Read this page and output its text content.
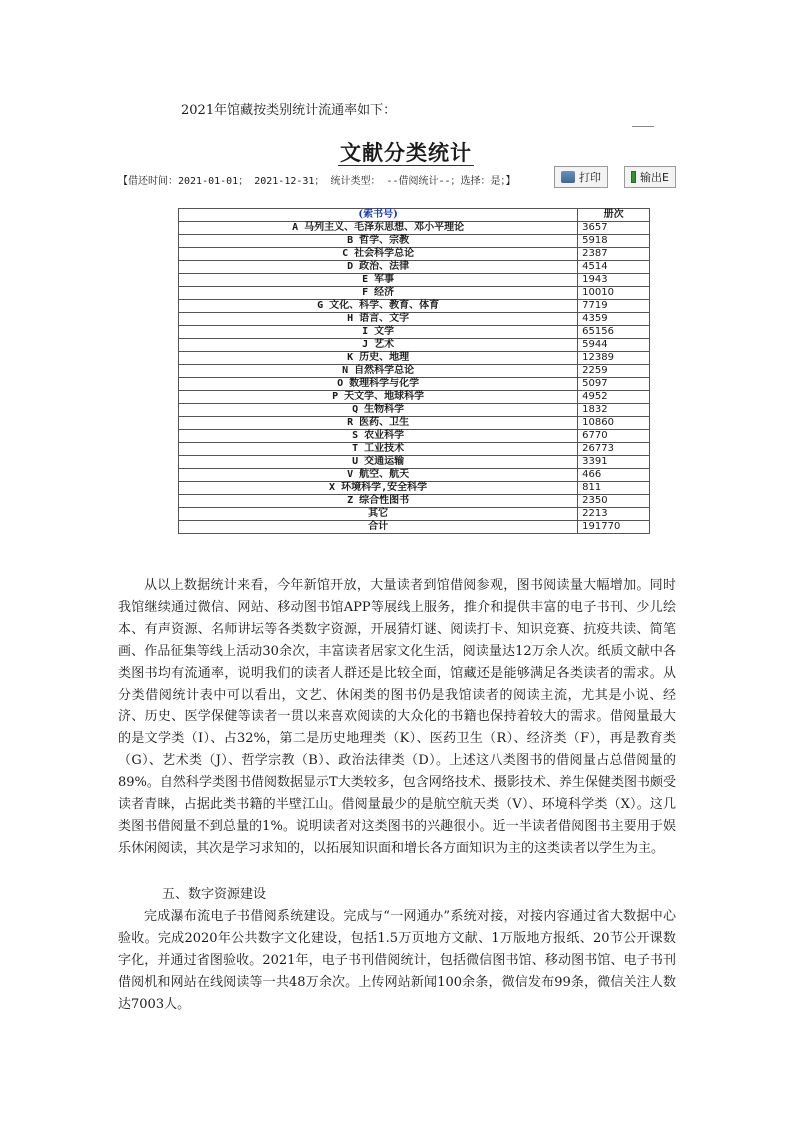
2021年馆藏按类别统计流通率如下：
文献分类统计
【借还时间：2021-01-01； 2021-12-31； 统计类型： --借阅统计--；选择：是；】	打印	输出E
(索书号)	册次
A 马列主义、毛泽东思想、邓小平理论	3657
B 哲学、宗教	5918
C 社会科学总论	2387
D 政治、法律	4514
E 军事	1943
F 经济	10010
G 文化、科学、教育、体育	7719
H 语言、文字	4359
I 文学	65156
J 艺术	5944
K 历史、地理	12389
N 自然科学总论	2259
O 数理科学与化学	5097
P 天文学、地球科学	4952
Q 生物科学	1832
R 医药、卫生	10860
S 农业科学	6770
T 工业技术	26773
U 交通运输	3391
V 航空、航天	466
X 环境科学,安全科学	811
Z 综合性图书	2350
其它	2213
合计	191770

从以上数据统计来看，今年新馆开放，大量读者到馆借阅参观，图书阅读量大幅增加。同时我馆继续通过微信、网站、移动图书馆APP等展线上服务，推介和提供丰富的电子书刊、少儿绘本、有声资源、名师讲坛等各类数字资源，开展猜灯谜、阅读打卡、知识竞赛、抗疫共读、简笔画、作品征集等线上活动30余次，丰富读者居家文化生活，阅读量达12万余人次。纸质文献中各类图书均有流通率，说明我们的读者人群还是比较全面，馆藏还是能够满足各类读者的需求。从分类借阅统计表中可以看出，文艺、休闲类的图书仍是我馆读者的阅读主流，尤其是小说、经济、历史、医学保健等读者一贯以来喜欢阅读的大众化的书籍也保持着较大的需求。借阅量最大的是文学类（I）、占32%，第二是历史地理类（K）、医药卫生（R）、经济类（F），再是教育类（G）、艺术类（J）、哲学宗教（B）、政治法律类（D）。上述这八类图书的借阅量占总借阅量的89%。自然科学类图书借阅数据显示T大类较多，包含网络技术、摄影技术、养生保健类图书颇受读者青睐，占据此类书籍的半壁江山。借阅量最少的是航空航天类（V）、环境科学类（X）。这几类图书借阅量不到总量的1%。说明读者对这类图书的兴趣很小。近一半读者借阅图书主要用于娱乐休闲阅读，其次是学习求知的，以拓展知识面和增长各方面知识为主的这类读者以学生为主。

五、数字资源建设

完成瀑布流电子书借阅系统建设。完成与“一网通办”系统对接，对接内容通过省大数据中心验收。完成2020年公共数字文化建设，包括1.5万页地方文献、1万版地方报纸、20节公开课数字化，并通过省图验收。2021年，电子书刊借阅统计，包括微信图书馆、移动图书馆、电子书刊借阅机和网站在线阅读等一共48万余次。上传网站新闻100余条，微信发布99条，微信关注人数达7003人。
